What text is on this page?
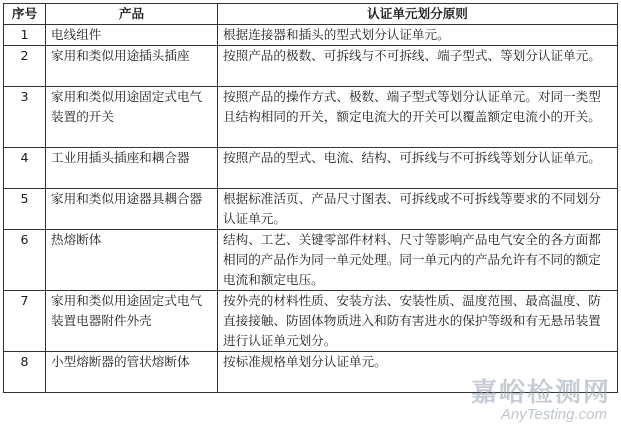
序号	产品	认证单元划分原则
1	电线组件	根据连接器和插头的型式划分认证单元。
2	家用和类似用途插头插座	按照产品的极数、可拆线与不可拆线、端子型式、等划分认证单元。
3	家用和类似用途固定式电气装置的开关	按照产品的操作方式、极数、端子型式等划分认证单元。对同一类型且结构相同的开关，额定电流大的开关可以覆盖额定电流小的开关。
4	工业用插头插座和耦合器	按照产品的型式、电流、结构、可拆线与不可拆线等划分认证单元。
5	家用和类似用途器具耦合器	根据标准活页、产品尺寸图表、可拆线或不可拆线等要求的不同划分认证单元。
6	热熔断体	结构、工艺、关键零部件材料、尺寸等影响产品电气安全的各方面都相同的产品作为同一单元处理。同一单元内的产品允许有不同的额定电流和额定电压。
7	家用和类似用途固定式电气装置电器附件外壳	按外壳的材料性质、安装方法、安装性质、温度范围、最高温度、防直接接触、防固体物质进入和防有害进水的保护等级和有无悬吊装置进行认证单元划分。
8	小型熔断器的管状熔断体	按标准规格单划分认证单元。
嘉峪检测网
AnyTesting.com
